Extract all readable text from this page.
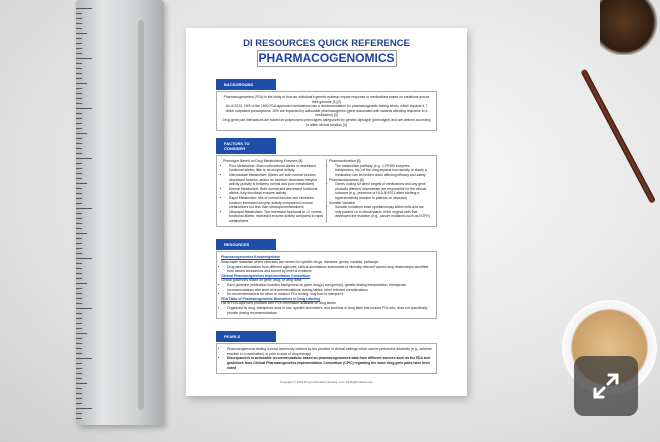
DI RESOURCES QUICK REFERENCE
PHARMACOGENOMICS
BACKGROUND

Pharmacogenomics (PGx) is the study of how an individual's genetic makeup impact response to medications based on variations across their genome [1] [2]

As of 2022, 16% of the 1600 FDA-approved medications has a recommendation for pharmacogenetic testing which, which impacts 4.7 billion outpatient prescriptions; 10% are impacted by actionable pharmacogenes (gene associated with variants affecting response to a medication) [3]

Drug-gene pair interactions are based on polymorphic phenotypes categorized by genetic diplotype (phenotype) and are defined according to allele clinical function [4]

FACTORS TO CONSIDER

Phenotype Based on Drug Metabolizing Enzymes [4]:

• Poor Metabolizer: Both nonfunctional alleles or decreased functional alleles; little to no enzyme activity
• Intermediate Metabolizer: Alleles are both normal function, decreased function, and/or no function; decreased enzyme activity (activity is between normal and poor metabolizer)
• Normal Metabolizer: Both normal and decreased functional alleles; fully functional enzyme activity
• Rapid Metabolizer: Mix of normal function and increased function; increased enzyme activity compared to normal metabolizers but less than ultrarapid metabolizers
• Ultrarapid Metabolizer: Two increased functional or >2 normal functional alleles; increased enzyme activity compared to rapid metabolizers

Pharmacokinetics [3]

• The metabolism pathway (e.g., CYP450 enzymes, transporters, etc.) of the drug impacts how quickly or slowly a medication can be broken down affecting efficacy and safety

Pharmacodynamics [4]

• Genes coding for direct targets of medications and any gene products affected downstream are responsible for the clinical outcome (e.g., presence of HLA-B*5701 allele eliciting a hypersensitivity reaction in patients on abacavir)

Somatic Variation

• Somatic mutations arise spontaneously within cells and are only passed on to descendants of the original cells that developed the mutation (e.g., cancer mutations such as EGFR)
RESOURCES
Pharmacogenomics Knowledgebase

Searchable database where clinicians can search for specific drugs, diseases, genes, variants, pathways

• Drug label annotations from different agencies, clinical annotations summaries of clinically relevant variant-drug relationships identified from variant annotations and scored by level of evidence
Clinical Pharmacogenetics Implementation Consortium

Clinical guidelines based on gene, drug, or drug class

• Each guideline publication includes background on given drug(s) and gene(s), genetic testing interpretation, therapeutic recommendations with level of recommendations, dosing tables, other relevant considerations
• No recommendations for when to conduct PGx testing, only how to interpret it
FDA Table of Pharmacogenomic Biomarkers in Drug Labeling

List of FDA-approved products with PGx information available on drug labels

• Organized by drug, therapeutic area of use, specific biomarkers, and sections of drug label that include PGx info; does not specifically provide dosing recommendations
PEARLS
• Pharmacogenomic testing is most commonly ordered by the provider in clinical settings which can be performed reactively (e.g., adverse reaction to a medication) or prior to start of drug therapy
• Discrepancies in actionable recommendations based on pharmacogenomics data from different sources such as the FDA and guidelines from Clinical Pharmacogenetics Implementation Consortium (CPIC) regarding the same drug-gene pairs have been noted
Copyright © 2023 Drug Information Service, LLC. All Rights Reserved.
